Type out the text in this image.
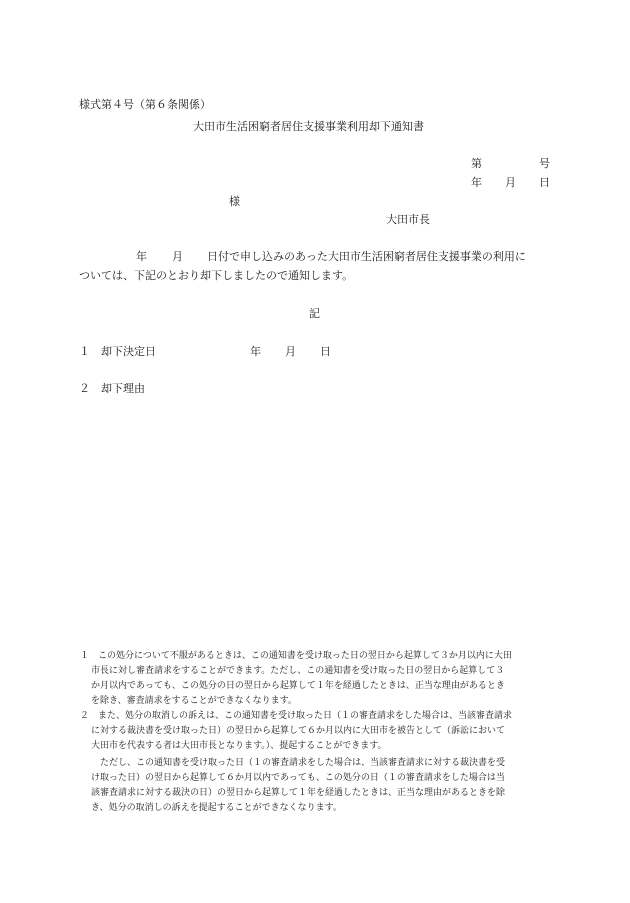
様式第４号（第６条関係）
大田市生活困窮者居住支援事業利用却下通知書
第	号
年 月 日
様
大田市長
年 月 日付で申し込みのあった大田市生活困窮者居住支援事業の利用に
ついては、下記のとおり却下しましたので通知します。
記
１　却下決定日	年 月 日
２　却下理由
１　この処分について不服があるときは、この通知書を受け取った日の翌日から起算して３か月以内に大田
市長に対し審査請求をすることができます。ただし、この通知書を受け取った日の翌日から起算して３
か月以内であっても、この処分の日の翌日から起算して１年を経過したときは、正当な理由があるとき
を除き、審査請求をすることができなくなります。
２　また、処分の取消しの訴えは、この通知書を受け取った日（１の審査請求をした場合は、当該審査請求
に対する裁決書を受け取った日）の翌日から起算して６か月以内に大田市を被告として（訴訟において
大田市を代表する者は大田市長となります。）、提起することができます。
ただし、この通知書を受け取った日（１の審査請求をした場合は、当該審査請求に対する裁決書を受
け取った日）の翌日から起算して６か月以内であっても、この処分の日（１の審査請求をした場合は当
該審査請求に対する裁決の日）の翌日から起算して１年を経過したときは、正当な理由があるときを除
き、処分の取消しの訴えを提起することができなくなります。
